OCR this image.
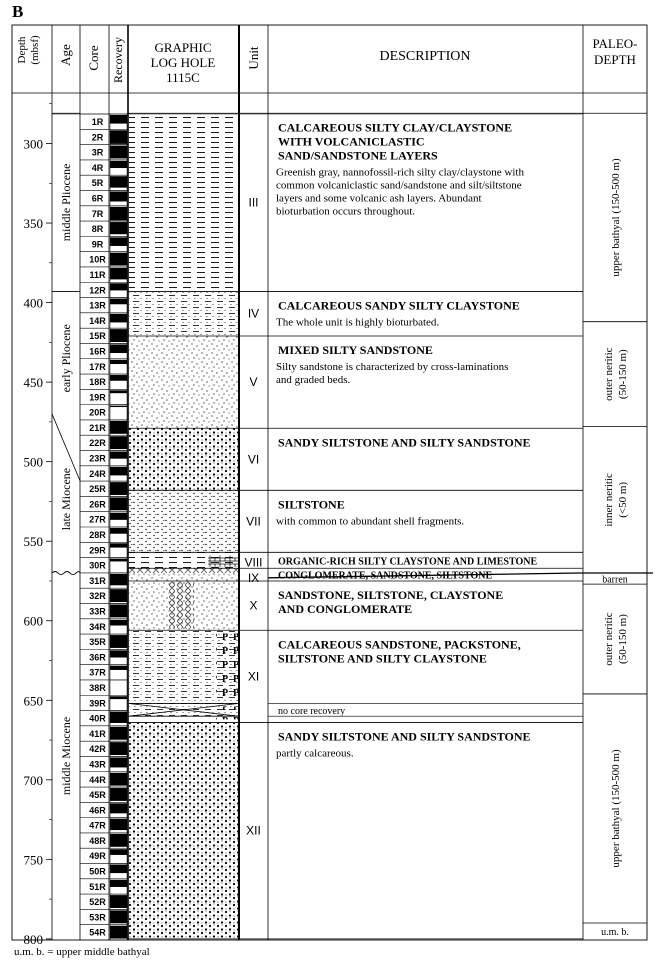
B
Depth (mbsf) Age Core Recovery GRAPHIC
LOG HOLE
1115C
Unit	DESCRIPTION
PALEO-
DEPTH
300
350
400
450
500
550
600
650
700
750
800
middle Pliocene
early Pliocene
late Miocene
middle Miocene
1R
2R
3R
4R
5R
6R
7R
8R
9R
10R
11R
12R
13R
14R
15R
16R
17R
18R
19R
20R
21R
22R
23R
24R
25R
26R
27R
28R
29R
30R
31R
32R
33R
34R
35R
36R
37R
38R
39R
40R
41R
42R
43R
44R
45R
46R
47R
48R
49R
50R
51R
52R
53R
54R
III
CALCAREOUS SILTY CLAY/CLAYSTONE
WITH VOLCANICLASTIC
SAND/SANDSTONE LAYERS
Greenish gray, nannofossil-rich silty clay/claystone with
common volcaniclastic sand/sandstone and silt/siltstone
layers and some volcanic ash layers. Abundant
bioturbation occurs throughout.
IV
CALCAREOUS SANDY SILTY CLAYSTONE
The whole unit is highly bioturbated.
V
MIXED SILTY SANDSTONE
Silty sandstone is characterized by cross-laminations
and graded beds.
VI
SANDY SILTSTONE AND SILTY SANDSTONE
VII
SILTSTONE
with common to abundant shell fragments.
VIII ORGANIC-RICH SILTY CLAYSTONE AND LIMESTONE
IX CONGLOMERATE, SANDSTONE, SILTSTONE
X
SANDSTONE, SILTSTONE, CLAYSTONE
AND CONGLOMERATE
XI
CALCAREOUS SANDSTONE, PACKSTONE,
SILTSTONE AND SILTY CLAYSTONE
XII
SANDY SILTSTONE AND SILTY SANDSTONE
partly calcareous.
no core recovery
upper bathyal (150-500 m)
outer neritic (50-150 m)
inner neritic (<50 m)
barren
outer neritic (50-150 m)
upper bathyal (150-500 m)
u.m. b.
u.m. b. = upper middle bathyal
